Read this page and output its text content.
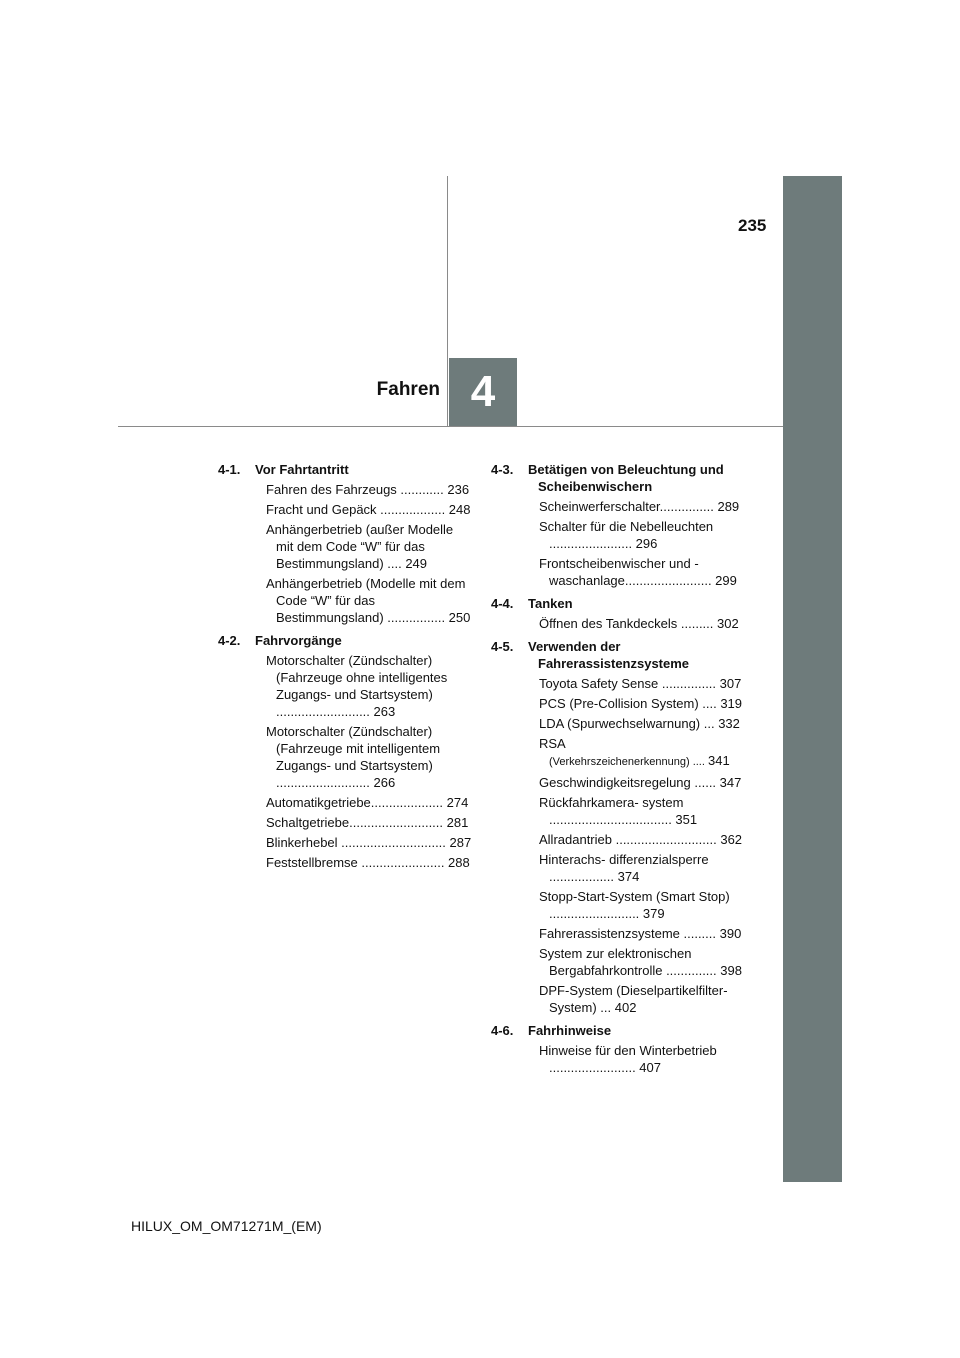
235
4
Fahren
4-1.	Vor Fahrtantritt
Fahren des Fahrzeugs ............ 236
Fracht und Gepäck .................. 248
Anhängerbetrieb (außer Modelle mit dem Code “W” für das Bestimmungsland) .... 249
Anhängerbetrieb (Modelle mit dem Code “W” für das Bestimmungsland) ................ 250
4-2.	Fahrvorgänge
Motorschalter (Zündschalter) (Fahrzeuge ohne intelligentes Zugangs- und Startsystem) .......................... 263
Motorschalter (Zündschalter) (Fahrzeuge mit intelligentem Zugangs- und Startsystem) .......................... 266
Automatikgetriebe.................... 274
Schaltgetriebe.......................... 281
Blinkerhebel ............................. 287
Feststellbremse ....................... 288
4-3.	Betätigen von Beleuchtung und Scheibenwischern
Scheinwerferschalter............... 289
Schalter für die Nebelleuchten ....................... 296
Frontscheibenwischer und -waschanlage........................ 299
4-4.	Tanken
Öffnen des Tankdeckels ......... 302
4-5.	Verwenden der Fahrerassistenzsysteme
Toyota Safety Sense ............... 307
PCS (Pre-Collision System) .... 319
LDA (Spurwechselwarnung) ... 332
RSA
(Verkehrszeichenerkennung) .... 341
Geschwindigkeitsregelung ...... 347
Rückfahrkamera- system .................................. 351
Allradantrieb ............................ 362
Hinterachs- differenzialsperre .................. 374
Stopp-Start-System (Smart Stop) ......................... 379
Fahrerassistenzsysteme ......... 390
System zur elektronischen Bergabfahrkontrolle .............. 398
DPF-System (Dieselpartikelfilter-System) ... 402
4-6.	Fahrhinweise
Hinweise für den Winterbetrieb ........................ 407
HILUX_OM_OM71271M_(EM)
